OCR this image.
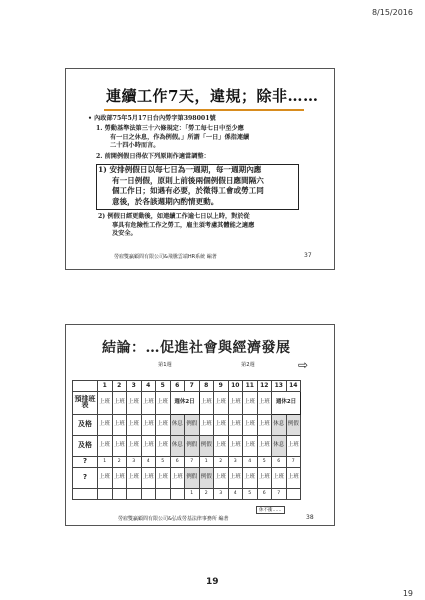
8/15/2016
連續工作7天，違規；除非……
• 內政部75年5月17日台內勞字第398001號
1. 勞動基準法第三十六條規定：「勞工每七日中至少應
有一日之休息，作為例假。」所謂「一日」係指連續
二十四小時而言。
2. 前開例假日得依下列原則作適當調整：
1) 安排例假日以每七日為一週期，每一週期內應
有一日例假，原則上前後兩個例假日應間隔六
個工作日；如遇有必要，於徵得工會或勞工同
意後，於各該週期內酌情更動。
2) 例假日經更動後，如連續工作逾七日以上時，對於從
事具有危險性工作之勞工，雇主須考慮其體能之適應
及安全。
勞雇雙贏顧問有限公司&飛騰雲端HR系統 編著	37
結論：…促進社會與經濟發展
第1週	第2週	⇨
	1	2	3	4	5	6	7	8	9	10	11	12	13	14
預排班表	上班	上班	上班	上班	上班	週休2日		上班	上班	上班	上班	上班	週休2日	
及格	上班	上班	上班	上班	上班	休息	例假	上班	上班	上班	上班	上班	休息	例假
及格	上班	上班	上班	上班	上班	休息	例假	例假	上班	上班	上班	上班	休息	上班
?	1	2	3	4	5	6	7	1	2	3	4	5	6	7
?	上班	上班	上班	上班	上班	上班	例假	例假	上班	上班	上班	上班	上班	上班
							1	2	3	4	5	6	7	
休不衝……
勞雇雙贏顧問有限公司&弘成勞基法律事務所 編著	38
19
19
